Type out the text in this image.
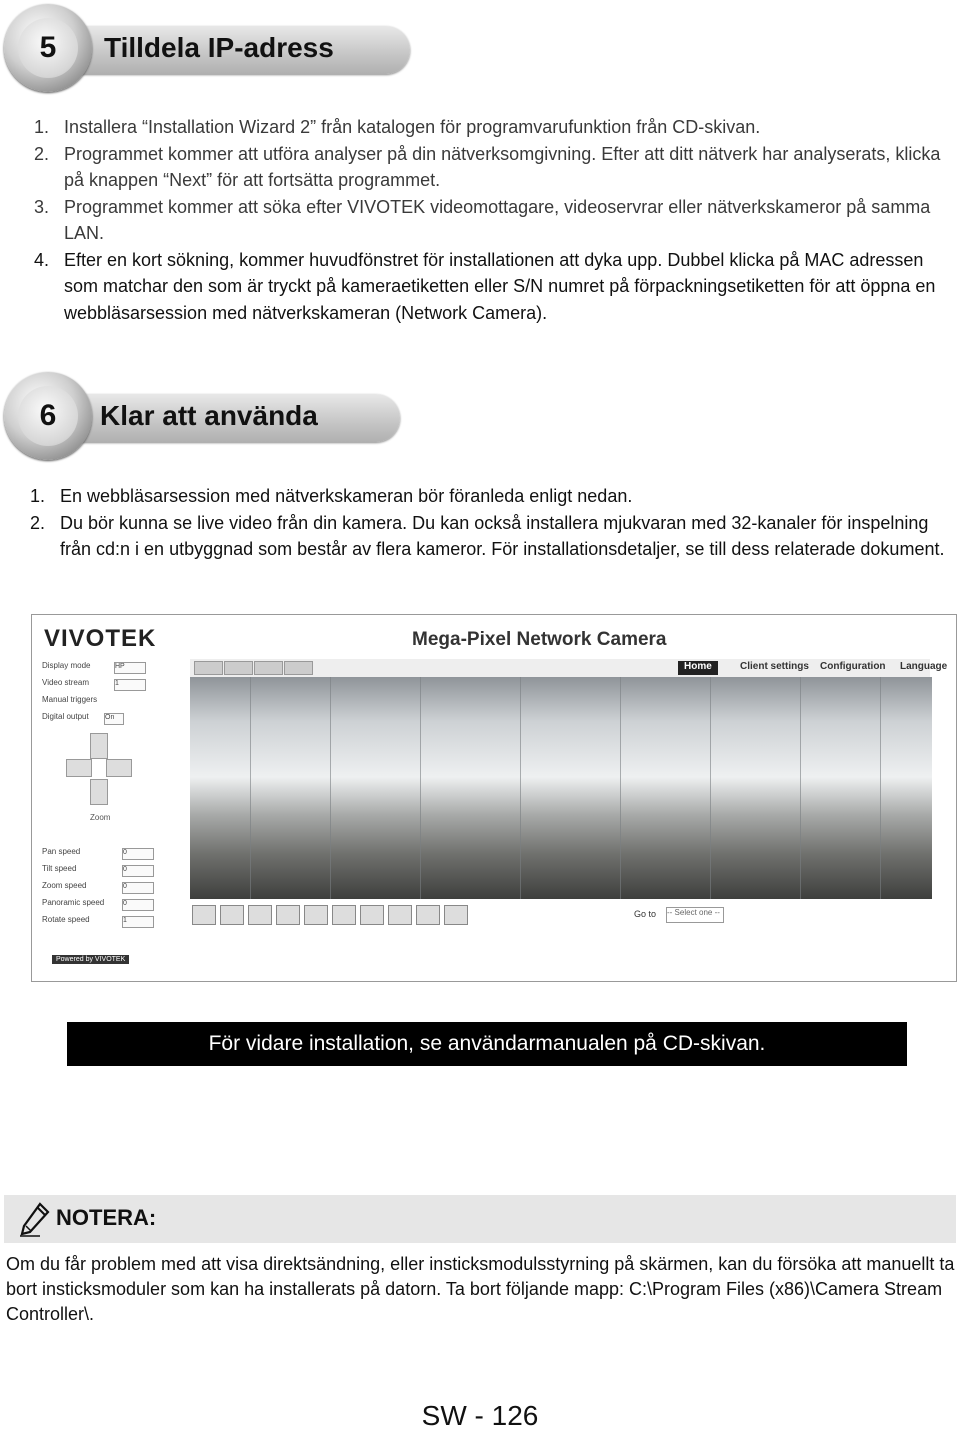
5	Tilldela IP-adress
1. Installera “Installation Wizard 2” från katalogen för programvarufunktion från CD-skivan.
2. Programmet kommer att utföra analyser på din nätverksomgivning. Efter att ditt nätverk har analyserats, klicka på knappen “Next” för att fortsätta programmet.
3. Programmet kommer att söka efter VIVOTEK videomottagare, videoservrar eller nätverkskameror på samma LAN.
4. Efter en kort sökning, kommer huvudfönstret för installationen att dyka upp. Dubbel klicka på MAC adressen som matchar den som är tryckt på kameraetiketten eller S/N numret på förpackningsetiketten för att öppna en webbläsarsession med nätverkskameran (Network Camera).
6	Klar att använda
1. En webbläsarsession med nätverkskameran bör föranleda enligt nedan.
2. Du bör kunna se live video från din kamera. Du kan också installera mjukvaran med 32-kanaler för inspelning från cd:n i en utbyggnad som består av flera kameror. För installationsdetaljer, se till dess relaterade dokument.
VIVOTEK	Mega-Pixel Network Camera
Home	Client settings	Configuration	Language
Display mode	HP
Video stream	1
Manual triggers
Digital output On
Zoom
Pan speed	0
Tilt speed	0
Zoom speed	0
Panoramic speed	0
Rotate speed	1
Go to -- Select one --
Powered by VIVOTEK
För vidare installation, se användarmanualen på CD-skivan.
NOTERA:
Om du får problem med att visa direktsändning, eller insticksmodulsstyrning på skärmen, kan du försöka att manuellt ta bort insticksmoduler som kan ha installerats på datorn. Ta bort följande mapp: C:\Program Files (x86)\Camera Stream Controller\.
SW - 126
